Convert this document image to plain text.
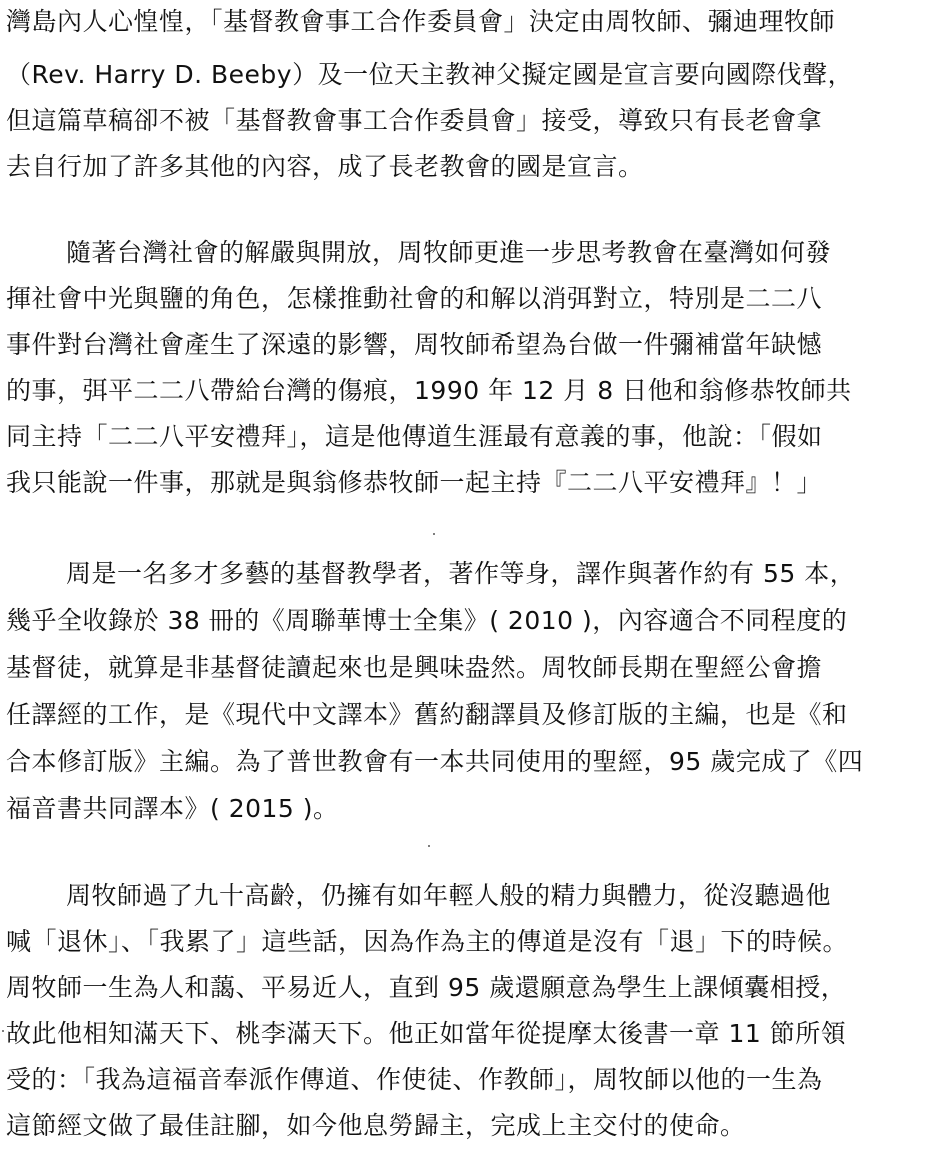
灣島內人心惶惶，「基督教會事工合作委員會」決定由周牧師、彌迪理牧師
（Rev. Harry D. Beeby）及一位天主教神父擬定國是宣言要向國際伐聲，
但這篇草稿卻不被「基督教會事工合作委員會」接受，導致只有長老會拿
去自行加了許多其他的內容，成了長老教會的國是宣言。
隨著台灣社會的解嚴與開放，周牧師更進一步思考教會在臺灣如何發
揮社會中光與鹽的角色，怎樣推動社會的和解以消弭對立，特別是二二八
事件對台灣社會產生了深遠的影響，周牧師希望為台做一件彌補當年缺憾
的事，弭平二二八帶給台灣的傷痕，1990 年 12 月 8 日他和翁修恭牧師共
同主持「二二八平安禮拜」，這是他傳道生涯最有意義的事，他說：「假如
我只能說一件事，那就是與翁修恭牧師一起主持『二二八平安禮拜』！」
周是一名多才多藝的基督教學者，著作等身，譯作與著作約有 55 本，
幾乎全收錄於 38 冊的《周聯華博士全集》( 2010 )，內容適合不同程度的
基督徒，就算是非基督徒讀起來也是興味盎然。周牧師長期在聖經公會擔
任譯經的工作，是《現代中文譯本》舊約翻譯員及修訂版的主編，也是《和
合本修訂版》主編。為了普世教會有一本共同使用的聖經，95 歲完成了《四
福音書共同譯本》( 2015 )。
周牧師過了九十高齡，仍擁有如年輕人般的精力與體力，從沒聽過他
喊「退休」、「我累了」這些話，因為作為主的傳道是沒有「退」下的時候。
周牧師一生為人和藹、平易近人，直到 95 歲還願意為學生上課傾囊相授，
故此他相知滿天下、桃李滿天下。他正如當年從提摩太後書一章 11 節所領
受的：「我為這福音奉派作傳道、作使徒、作教師」，周牧師以他的一生為
這節經文做了最佳註腳，如今他息勞歸主，完成上主交付的使命。
